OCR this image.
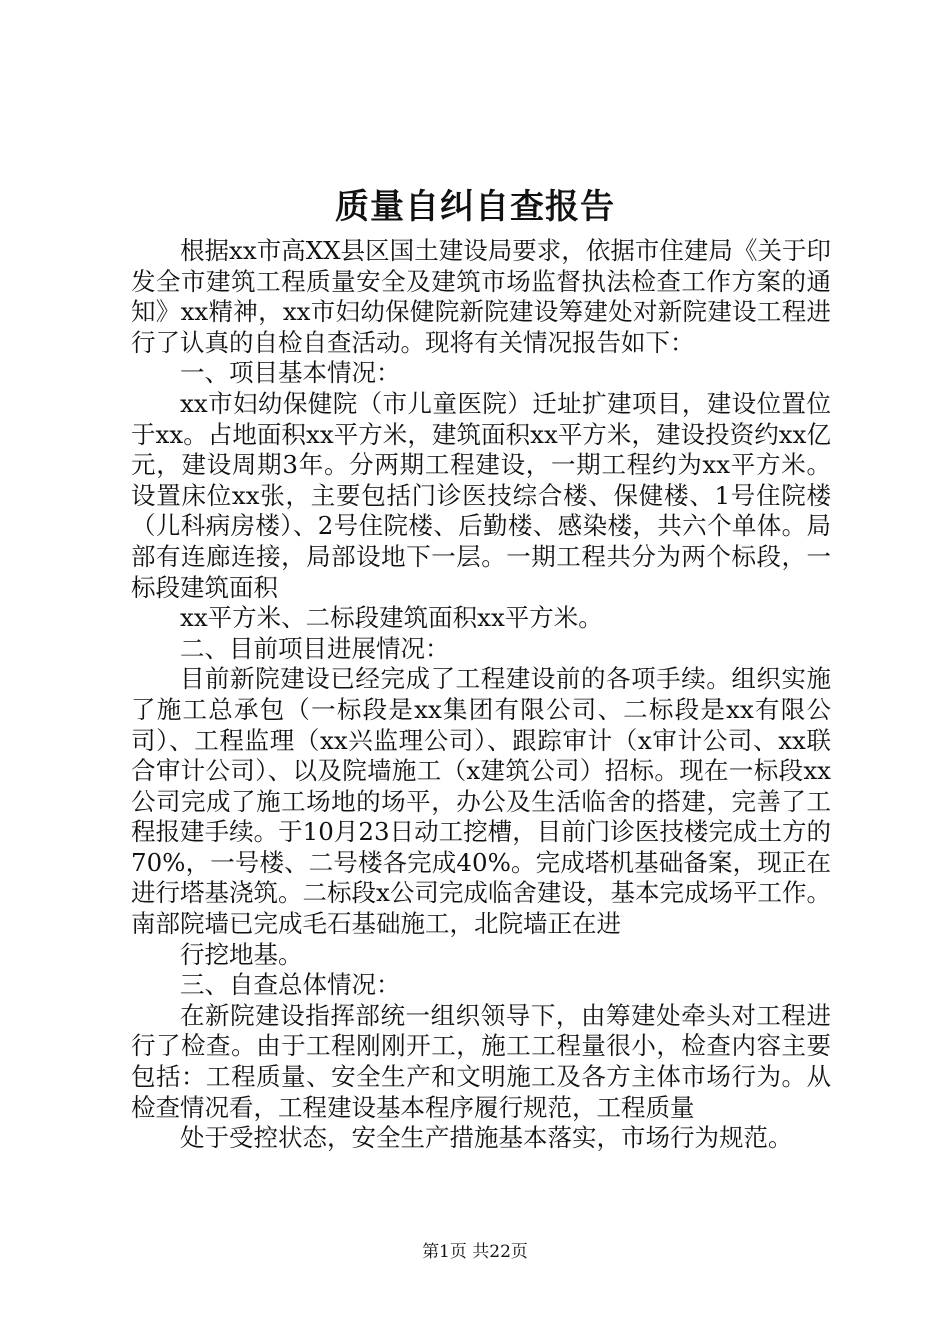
质量自纠自查报告

根据xx市高XX县区国土建设局要求，依据市住建局《关于印发全市建筑工程质量安全及建筑市场监督执法检查工作方案的通知》xx精神，xx市妇幼保健院新院建设筹建处对新院建设工程进行了认真的自检自查活动。现将有关情况报告如下：

一、项目基本情况：

xx市妇幼保健院（市儿童医院）迁址扩建项目，建设位置位于xx。占地面积xx平方米，建筑面积xx平方米，建设投资约xx亿元，建设周期3年。分两期工程建设，一期工程约为xx平方米。设置床位xx张，主要包括门诊医技综合楼、保健楼、1号住院楼（儿科病房楼）、2号住院楼、后勤楼、感染楼，共六个单体。局部有连廊连接，局部设地下一层。一期工程共分为两个标段，一标段建筑面积

xx平方米、二标段建筑面积xx平方米。

二、目前项目进展情况：

目前新院建设已经完成了工程建设前的各项手续。组织实施了施工总承包（一标段是xx集团有限公司、二标段是xx有限公司）、工程监理（xx兴监理公司）、跟踪审计（x审计公司、xx联合审计公司）、以及院墙施工（x建筑公司）招标。现在一标段xx公司完成了施工场地的场平，办公及生活临舍的搭建，完善了工程报建手续。于10月23日动工挖槽，目前门诊医技楼完成土方的70%，一号楼、二号楼各完成40%。完成塔机基础备案，现正在进行塔基浇筑。二标段x公司完成临舍建设，基本完成场平工作。南部院墙已完成毛石基础施工，北院墙正在进

行挖地基。

三、自查总体情况：

在新院建设指挥部统一组织领导下，由筹建处牵头对工程进行了检查。由于工程刚刚开工，施工工程量很小，检查内容主要包括：工程质量、安全生产和文明施工及各方主体市场行为。从检查情况看，工程建设基本程序履行规范，工程质量

处于受控状态，安全生产措施基本落实，市场行为规范。

第1页 共22页
